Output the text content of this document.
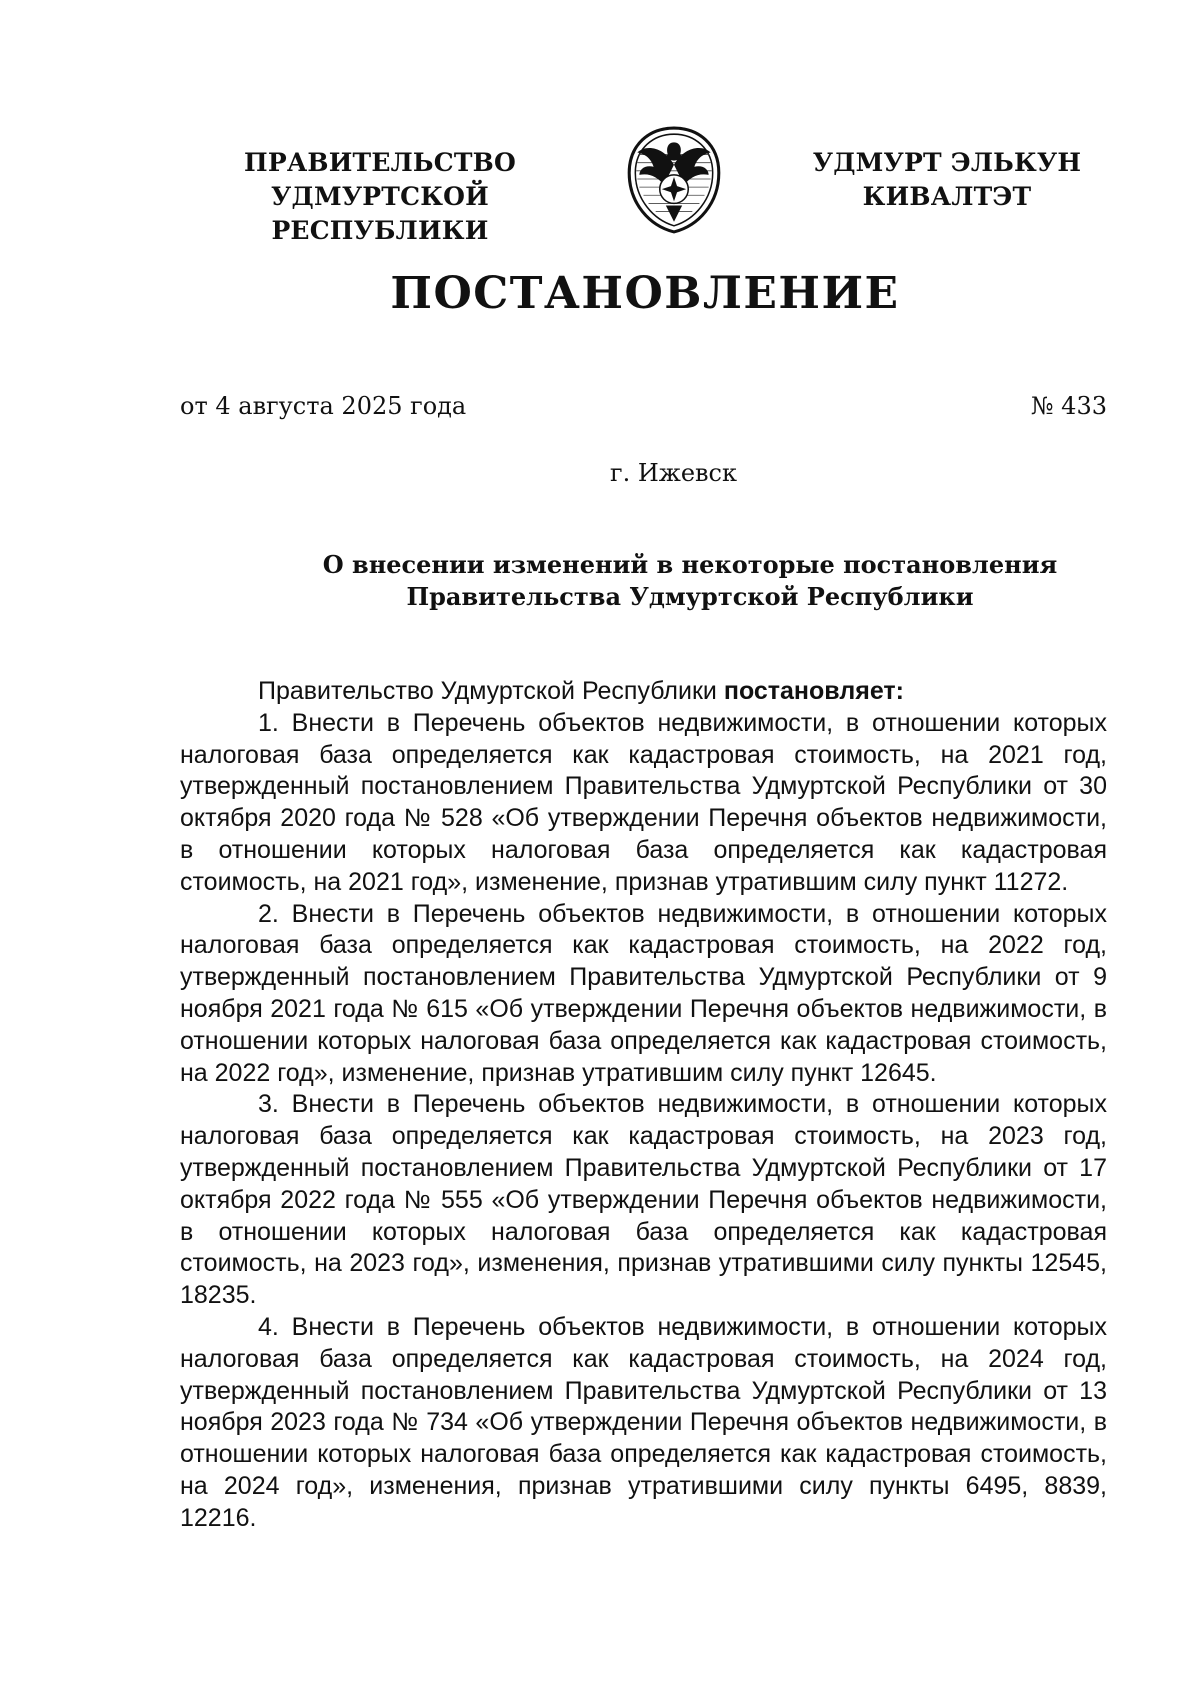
ПРАВИТЕЛЬСТВО
УДМУРТСКОЙ РЕСПУБЛИКИ
УДМУРТ ЭЛЬКУН
КИВАЛТЭТ
ПОСТАНОВЛЕНИЕ
от 4 августа 2025 года	№ 433
г. Ижевск
О внесении изменений в некоторые постановления
Правительства Удмуртской Республики

Правительство Удмуртской Республики постановляет:

1. Внести в Перечень объектов недвижимости, в отношении которых налоговая база определяется как кадастровая стоимость, на 2021 год, утвержденный постановлением Правительства Удмуртской Республики от 30 октября 2020 года № 528 «Об утверждении Перечня объектов недвижимости, в отношении которых налоговая база определяется как кадастровая стоимость, на 2021 год», изменение, признав утратившим силу пункт 11272.

2. Внести в Перечень объектов недвижимости, в отношении которых налоговая база определяется как кадастровая стоимость, на 2022 год, утвержденный постановлением Правительства Удмуртской Республики от 9 ноября 2021 года № 615 «Об утверждении Перечня объектов недвижимости, в отношении которых налоговая база определяется как кадастровая стоимость, на 2022 год», изменение, признав утратившим силу пункт 12645.

3. Внести в Перечень объектов недвижимости, в отношении которых налоговая база определяется как кадастровая стоимость, на 2023 год, утвержденный постановлением Правительства Удмуртской Республики от 17 октября 2022 года № 555 «Об утверждении Перечня объектов недвижимости, в отношении которых налоговая база определяется как кадастровая стоимость, на 2023 год», изменения, признав утратившими силу пункты 12545, 18235.

4. Внести в Перечень объектов недвижимости, в отношении которых налоговая база определяется как кадастровая стоимость, на 2024 год, утвержденный постановлением Правительства Удмуртской Республики от 13 ноября 2023 года № 734 «Об утверждении Перечня объектов недвижимости, в отношении которых налоговая база определяется как кадастровая стоимость, на 2024 год», изменения, признав утратившими силу пункты 6495, 8839, 12216.
